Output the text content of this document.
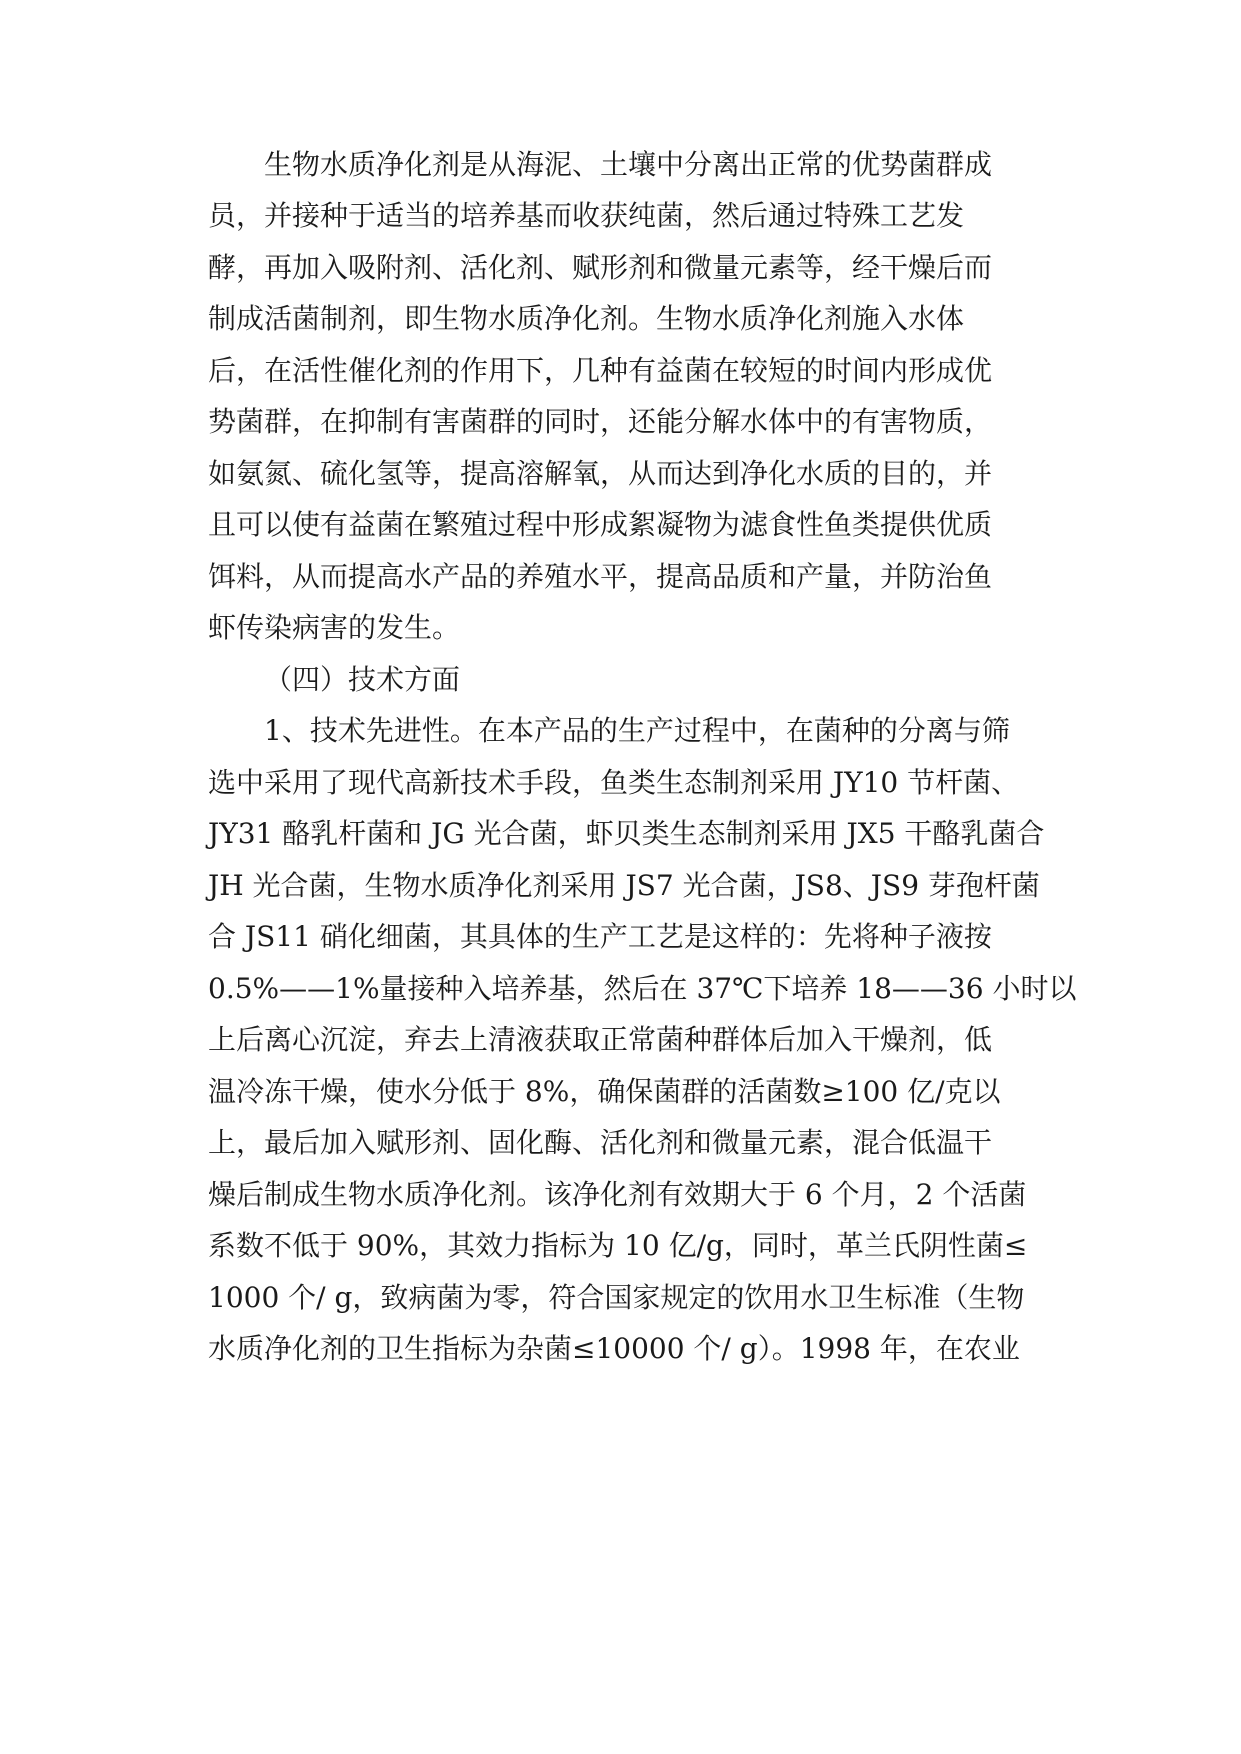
生物水质净化剂是从海泥、土壤中分离出正常的优势菌群成
员，并接种于适当的培养基而收获纯菌，然后通过特殊工艺发
酵，再加入吸附剂、活化剂、赋形剂和微量元素等，经干燥后而
制成活菌制剂，即生物水质净化剂。生物水质净化剂施入水体
后，在活性催化剂的作用下，几种有益菌在较短的时间内形成优
势菌群，在抑制有害菌群的同时，还能分解水体中的有害物质，
如氨氮、硫化氢等，提高溶解氧，从而达到净化水质的目的，并
且可以使有益菌在繁殖过程中形成絮凝物为滤食性鱼类提供优质
饵料，从而提高水产品的养殖水平，提高品质和产量，并防治鱼
虾传染病害的发生。
（四）技术方面
1、技术先进性。在本产品的生产过程中，在菌种的分离与筛
选中采用了现代高新技术手段，鱼类生态制剂采用 JY10 节杆菌、
JY31 酪乳杆菌和 JG 光合菌，虾贝类生态制剂采用 JX5 干酪乳菌合
JH 光合菌，生物水质净化剂采用 JS7 光合菌，JS8、JS9 芽孢杆菌
合 JS11 硝化细菌，其具体的生产工艺是这样的：先将种子液按
0.5%——1%量接种入培养基，然后在 37℃下培养 18——36 小时以
上后离心沉淀，弃去上清液获取正常菌种群体后加入干燥剂，低
温冷冻干燥，使水分低于 8%，确保菌群的活菌数≥100 亿/克以
上，最后加入赋形剂、固化酶、活化剂和微量元素，混合低温干
燥后制成生物水质净化剂。该净化剂有效期大于 6 个月，2 个活菌
系数不低于 90%，其效力指标为 10 亿/g，同时，革兰氏阴性菌≤
1000 个/ g，致病菌为零，符合国家规定的饮用水卫生标准（生物
水质净化剂的卫生指标为杂菌≤10000 个/ g）。1998 年，在农业
